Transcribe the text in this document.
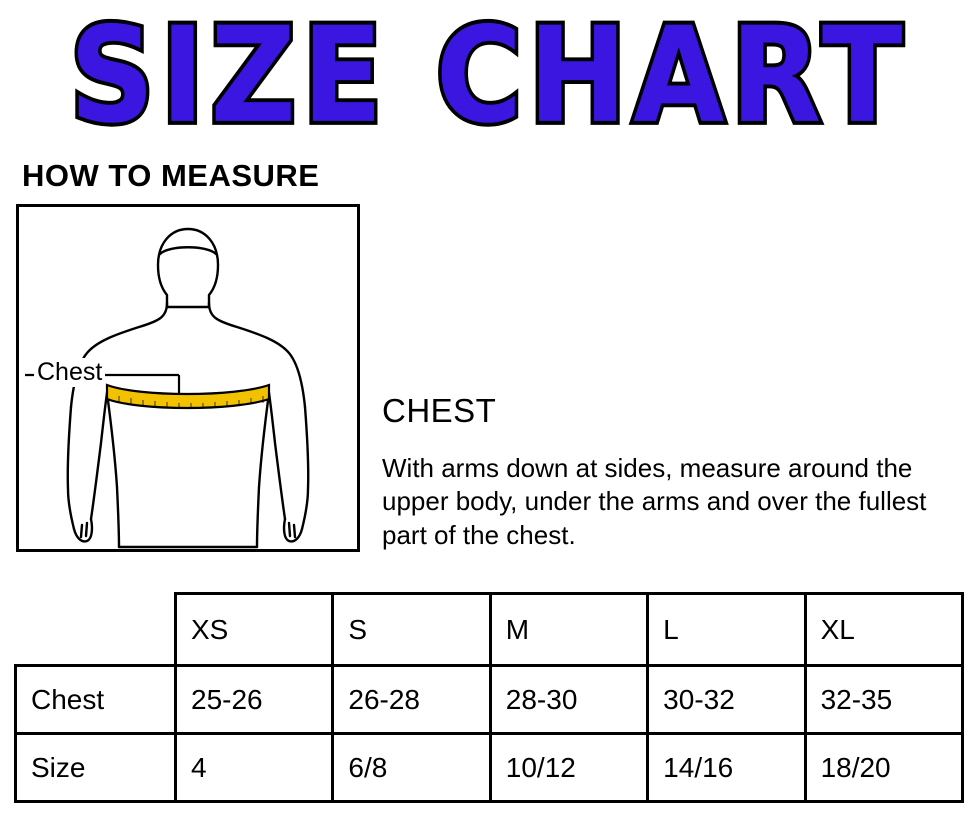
SIZE CHART
HOW TO MEASURE
Chest
CHEST
With arms down at sides, measure around the upper body, under the arms and over the fullest part of the chest.
	XS	S	M	L	XL
Chest	25-26	26-28	28-30	30-32	32-35
Size	4	6/8	10/12	14/16	18/20
